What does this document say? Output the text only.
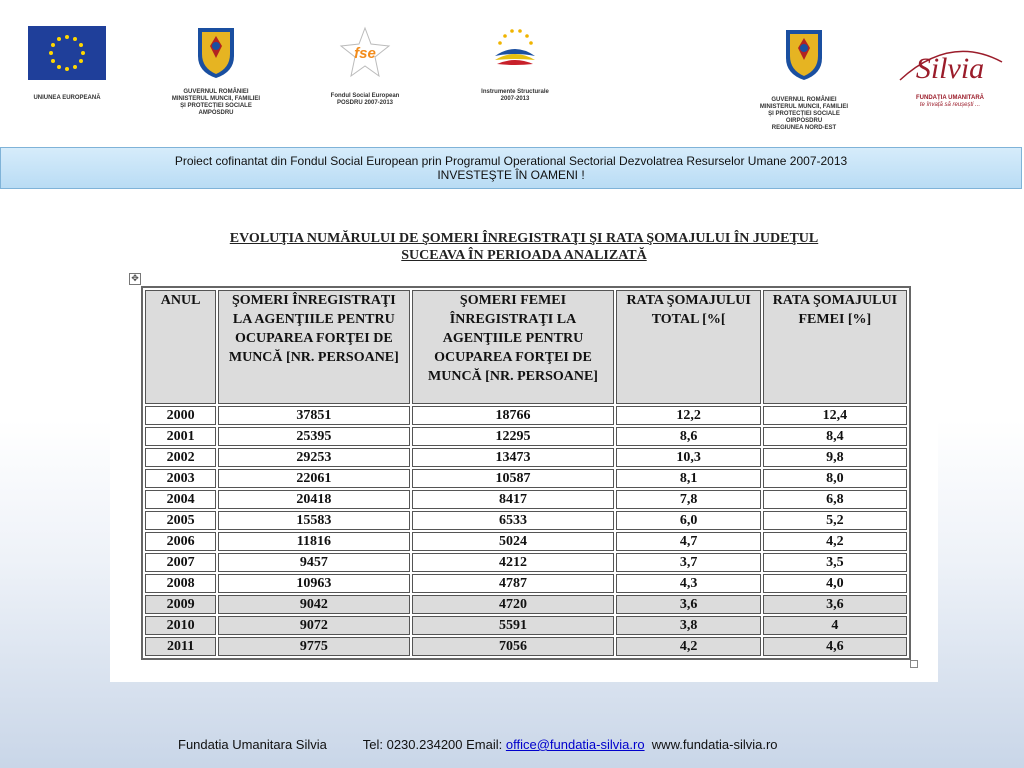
UNIUNEA EUROPEANĂ
GUVERNUL ROMÂNIEI
MINISTERUL MUNCII, FAMILIEI
ȘI PROTECȚIEI SOCIALE
AMPOSDRU
fse
Fondul Social European
POSDRU 2007-2013
Instrumente Structurale
2007-2013	GUVERNUL ROMÂNIEI
MINISTERUL MUNCII, FAMILIEI
ȘI PROTECȚIEI SOCIALE
OIRPOSDRU
REGIUNEA NORD-EST
Silvia
FUNDAȚIA UMANITARĂ
te învață să reușești ...
Proiect cofinantat din Fondul Social European prin Programul Operational Sectorial Dezvolatrea Resurselor Umane 2007-2013
INVESTEŞTE ÎN OAMENI !
EVOLUŢIA NUMĂRULUI DE ŞOMERI ÎNREGISTRAŢI ŞI RATA ŞOMAJULUI ÎN JUDEŢUL
SUCEAVA ÎN PERIOADA ANALIZATĂ
✥
ANUL	ŞOMERI ÎNREGISTRAŢI LA AGENŢIILE PENTRU OCUPAREA FORŢEI DE MUNCĂ [NR. PERSOANE]	ŞOMERI FEMEI ÎNREGISTRAŢI LA AGENŢIILE PENTRU OCUPAREA FORŢEI DE MUNCĂ [NR. PERSOANE]	RATA ŞOMAJULUI TOTAL [%[	RATA ŞOMAJULUI FEMEI [%]
2000	37851	18766	12,2	12,4
2001	25395	12295	8,6	8,4
2002	29253	13473	10,3	9,8
2003	22061	10587	8,1	8,0
2004	20418	8417	7,8	6,8
2005	15583	6533	6,0	5,2
2006	11816	5024	4,7	4,2
2007	9457	4212	3,7	3,5
2008	10963	4787	4,3	4,0
2009	9042	4720	3,6	3,6
2010	9072	5591	3,8	4
2011	9775	7056	4,2	4,6
Fundatia Umanitara Silvia	Tel: 0230.234200 Email: office@fundatia-silvia.ro www.fundatia-silvia.ro
